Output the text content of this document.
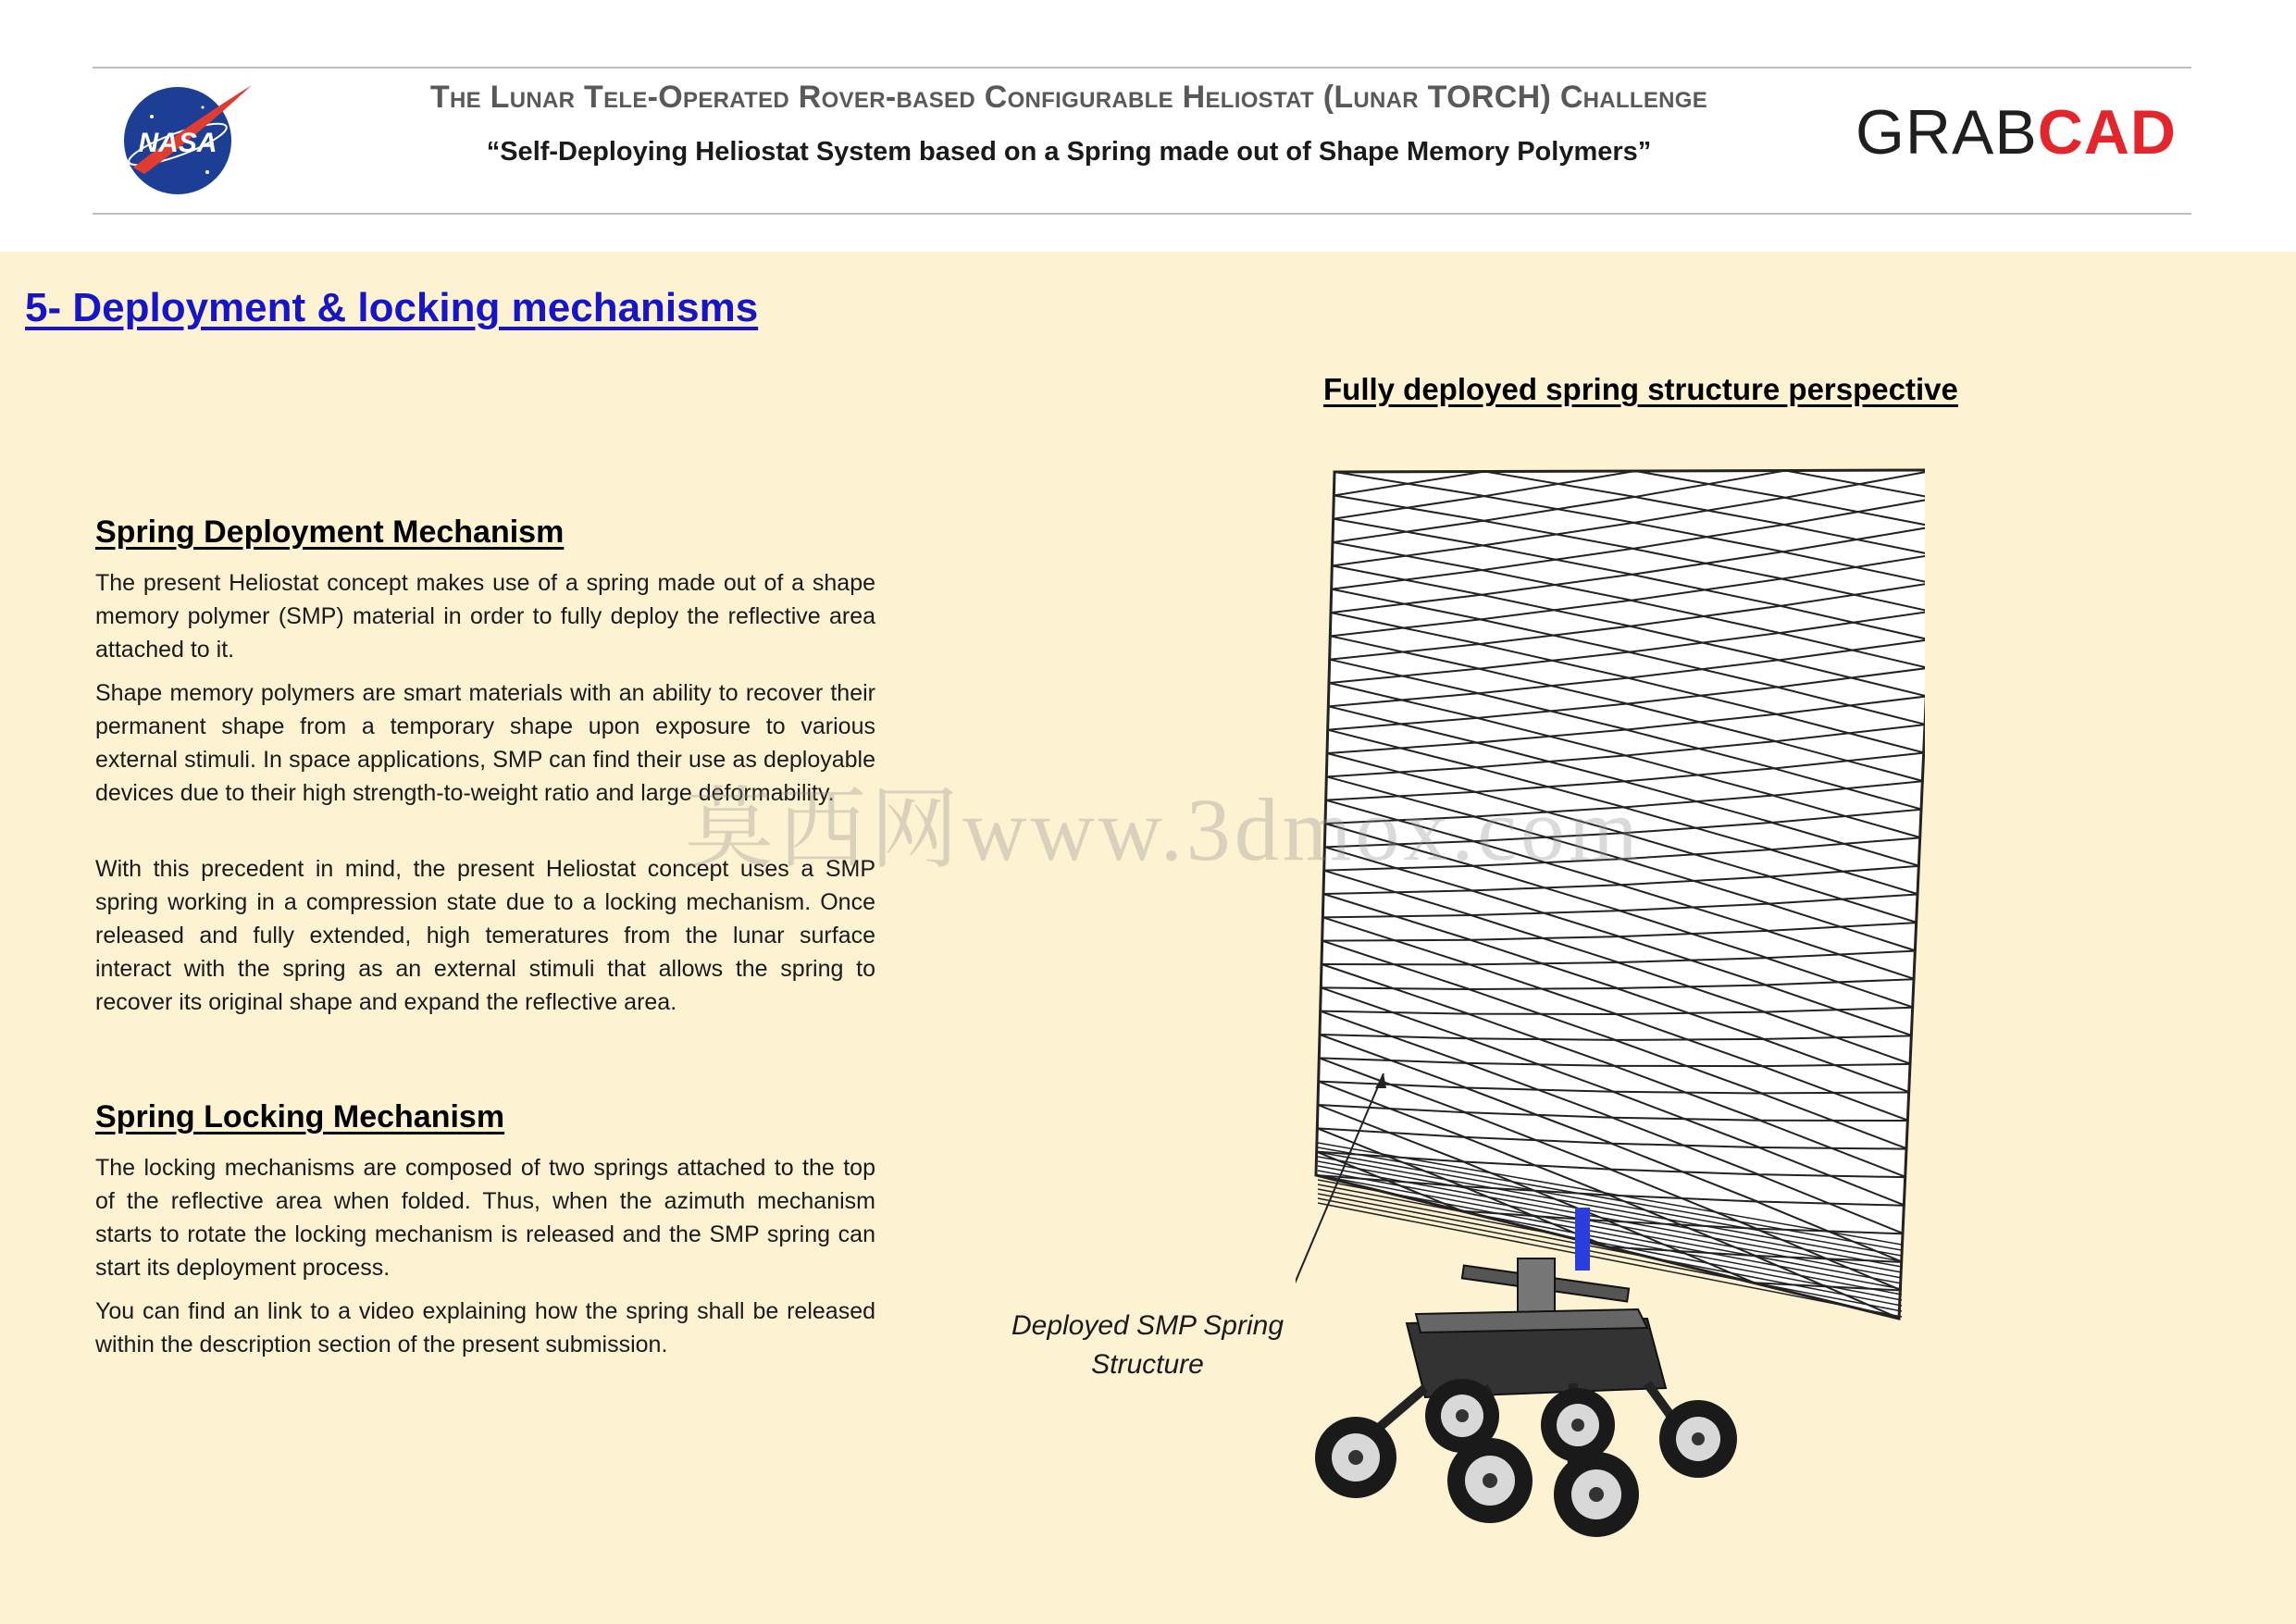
NASA
The Lunar Tele-Operated Rover-based Configurable Heliostat (Lunar TORCH) Challenge
“Self-Deploying Heliostat System based on a Spring made out of Shape Memory Polymers”	GRABCAD
5- Deployment & locking mechanisms
Fully deployed spring structure perspective
Spring Deployment Mechanism

The present Heliostat concept makes use of a spring made out of a shape memory polymer (SMP) material in order to fully deploy the reflective area attached to it.

Shape memory polymers are smart materials with an ability to recover their permanent shape from a temporary shape upon exposure to various external stimuli. In space applications, SMP can find their use as deployable devices due to their high strength-to-weight ratio and large deformability.

With this precedent in mind, the present Heliostat concept uses a SMP spring working in a compression state due to a locking mechanism. Once released and fully extended, high temeratures from the lunar surface interact with the spring as an external stimuli that allows the spring to recover its original shape and expand the reflective area.

Spring Locking Mechanism

The locking mechanisms are composed of two springs attached to the top of the reflective area when folded. Thus, when the azimuth mechanism starts to rotate the locking mechanism is released and the SMP spring can start its deployment process.

You can find an link to a video explaining how the spring shall be released within the description section of the present submission.

Deployed SMP Spring
Structure
莫西网www.3dmox.com
